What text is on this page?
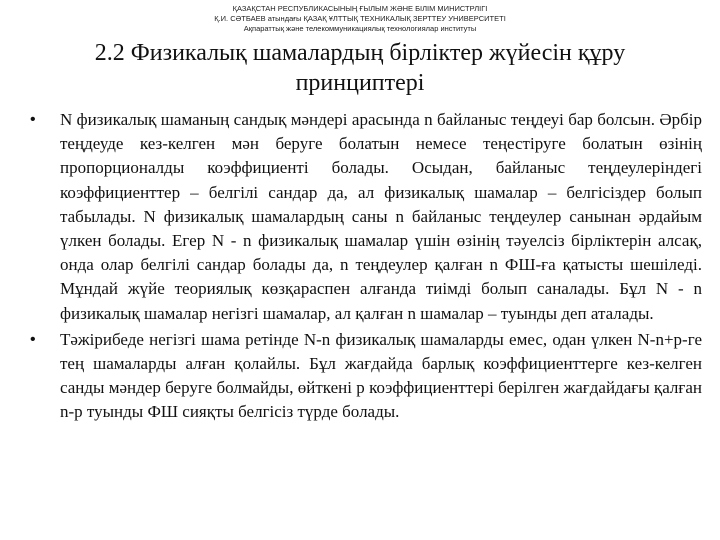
ҚАЗАҚСТАН РЕСПУБЛИКАСЫНЫҢ ҒЫЛЫМ ЖӘНЕ БІЛІМ МИНИСТРЛІГІ
Қ.И. СӘТБАЕВ атындағы ҚАЗАҚ ҰЛТТЫҚ ТЕХНИКАЛЫҚ ЗЕРТТЕУ УНИВЕРСИТЕТІ
Ақпараттық және телекоммуникациялық технологиялар институты
2.2 Физикалық шамалардың бірліктер жүйесін құру принциптері
•	N физикалық шаманың сандық мәндері арасында n байланыс теңдеуі бар болсын. Әрбір теңдеуде кез-келген мән беруге болатын немесе теңестіруге болатын өзінің пропорционалды коэффициенті болады. Осыдан, байланыс теңдеулеріндегі коэффициенттер – белгілі сандар да, ал физикалық шамалар – белгісіздер болып табылады. N физикалық шамалардың саны n байланыс теңдеулер санынан әрдайым үлкен болады. Егер N - n физикалық шамалар үшін өзінің тәуелсіз бірліктерін алсақ, онда олар белгілі сандар болады да, n теңдеулер қалған n ФШ-ға қатысты шешіледі. Мұндай жүйе теориялық көзқараспен алғанда тиімді болып саналады. Бұл N - n физикалық шамалар негізгі шамалар, ал қалған n шамалар – туынды деп аталады.
•	Тәжірибеде негізгі шама ретінде N-n физикалық шамаларды емес, одан үлкен N-n+p-ге тең шамаларды алған қолайлы. Бұл жағдайда барлық коэффициенттерге кез-келген санды мәндер беруге болмайды, өйткені p коэффициенттері берілген жағдайдағы қалған n-p туынды ФШ сияқты белгісіз түрде болады.
